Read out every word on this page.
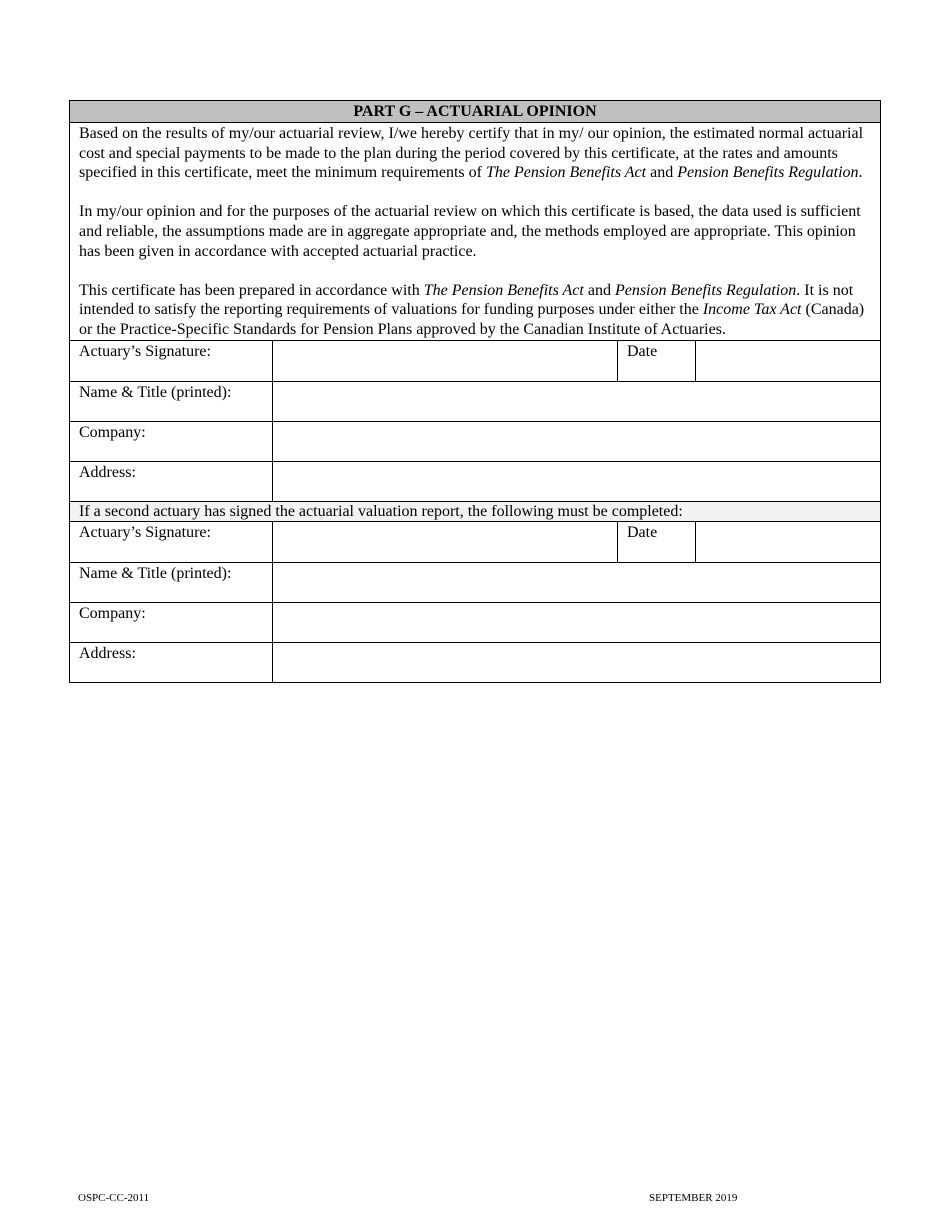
PART G – ACTUARIAL OPINION

Based on the results of my/our actuarial review, I/we hereby certify that in my/ our opinion, the estimated normal actuarial cost and special payments to be made to the plan during the period covered by this certificate, at the rates and amounts specified in this certificate, meet the minimum requirements of The Pension Benefits Act and Pension Benefits Regulation.

In my/our opinion and for the purposes of the actuarial review on which this certificate is based, the data used is sufficient and reliable, the assumptions made are in aggregate appropriate and, the methods employed are appropriate. This opinion has been given in accordance with accepted actuarial practice.

This certificate has been prepared in accordance with The Pension Benefits Act and Pension Benefits Regulation. It is not intended to satisfy the reporting requirements of valuations for funding purposes under either the Income Tax Act (Canada) or the Practice-Specific Standards for Pension Plans approved by the Canadian Institute of Actuaries.

Actuary’s Signature:	Date
Name & Title (printed):
Company:
Address:
If a second actuary has signed the actuarial valuation report, the following must be completed:
Actuary’s Signature:	Date
Name & Title (printed):
Company:
Address:
OSPC-CC-2011	SEPTEMBER 2019
